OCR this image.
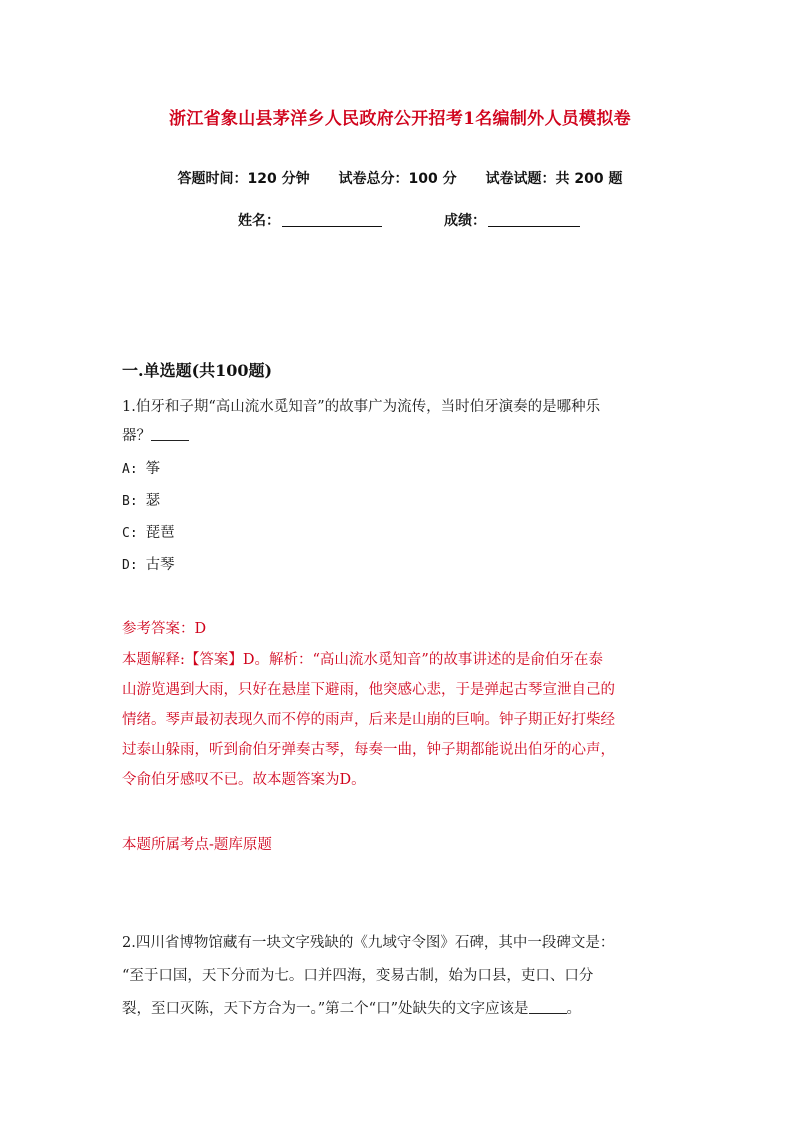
浙江省象山县茅洋乡人民政府公开招考1名编制外人员模拟卷
答题时间：120 分钟 试卷总分：100 分 试卷试题：共 200 题
姓名：	成绩：
一.单选题(共100题)
1.伯牙和子期“高山流水觅知音”的故事广为流传，当时伯牙演奏的是哪种乐
器？
A: 筝
B: 瑟
C: 琵琶
D: 古琴
参考答案：D
本题解释:【答案】D。解析：“高山流水觅知音”的故事讲述的是俞伯牙在泰
山游览遇到大雨，只好在悬崖下避雨，他突感心悲，于是弹起古琴宣泄自己的
情绪。琴声最初表现久而不停的雨声，后来是山崩的巨响。钟子期正好打柴经
过泰山躲雨，听到俞伯牙弹奏古琴，每奏一曲，钟子期都能说出伯牙的心声，
令俞伯牙感叹不已。故本题答案为D。
本题所属考点-题库原题
2.四川省博物馆藏有一块文字残缺的《九域守令图》石碑，其中一段碑文是：
“至于口国，天下分而为七。口并四海，变易古制，始为口县，吏口、口分
裂，至口灭陈，天下方合为一。”第二个“口”处缺失的文字应该是	。
